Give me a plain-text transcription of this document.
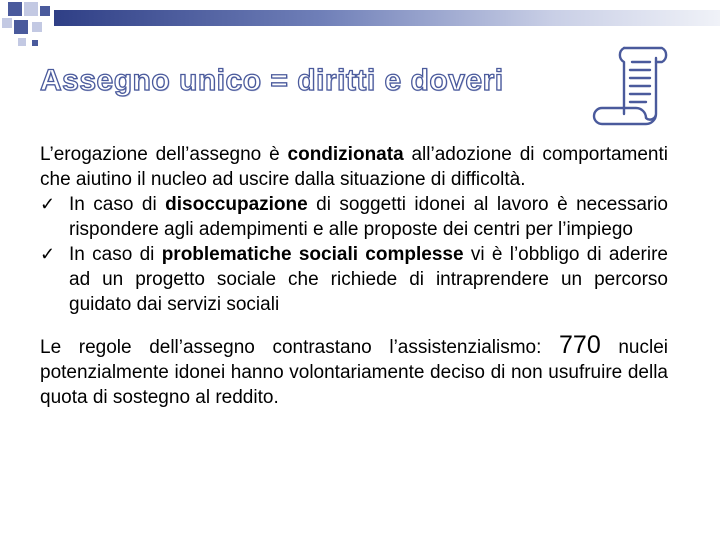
Assegno unico = diritti e doveri

L’erogazione dell’assegno è condizionata all’adozione di comportamenti che aiutino il nucleo ad uscire dalla situazione di difficoltà.

✓ In caso di disoccupazione di soggetti idonei al lavoro è necessario rispondere agli adempimenti e alle proposte dei centri per l’impiego
✓ In caso di problematiche sociali complesse vi è l’obbligo di aderire ad un progetto sociale che richiede di intraprendere un percorso guidato dai servizi sociali

Le regole dell’assegno contrastano l’assistenzialismo: 770 nuclei potenzialmente idonei hanno volontariamente deciso di non usufruire della quota di sostegno al reddito.
